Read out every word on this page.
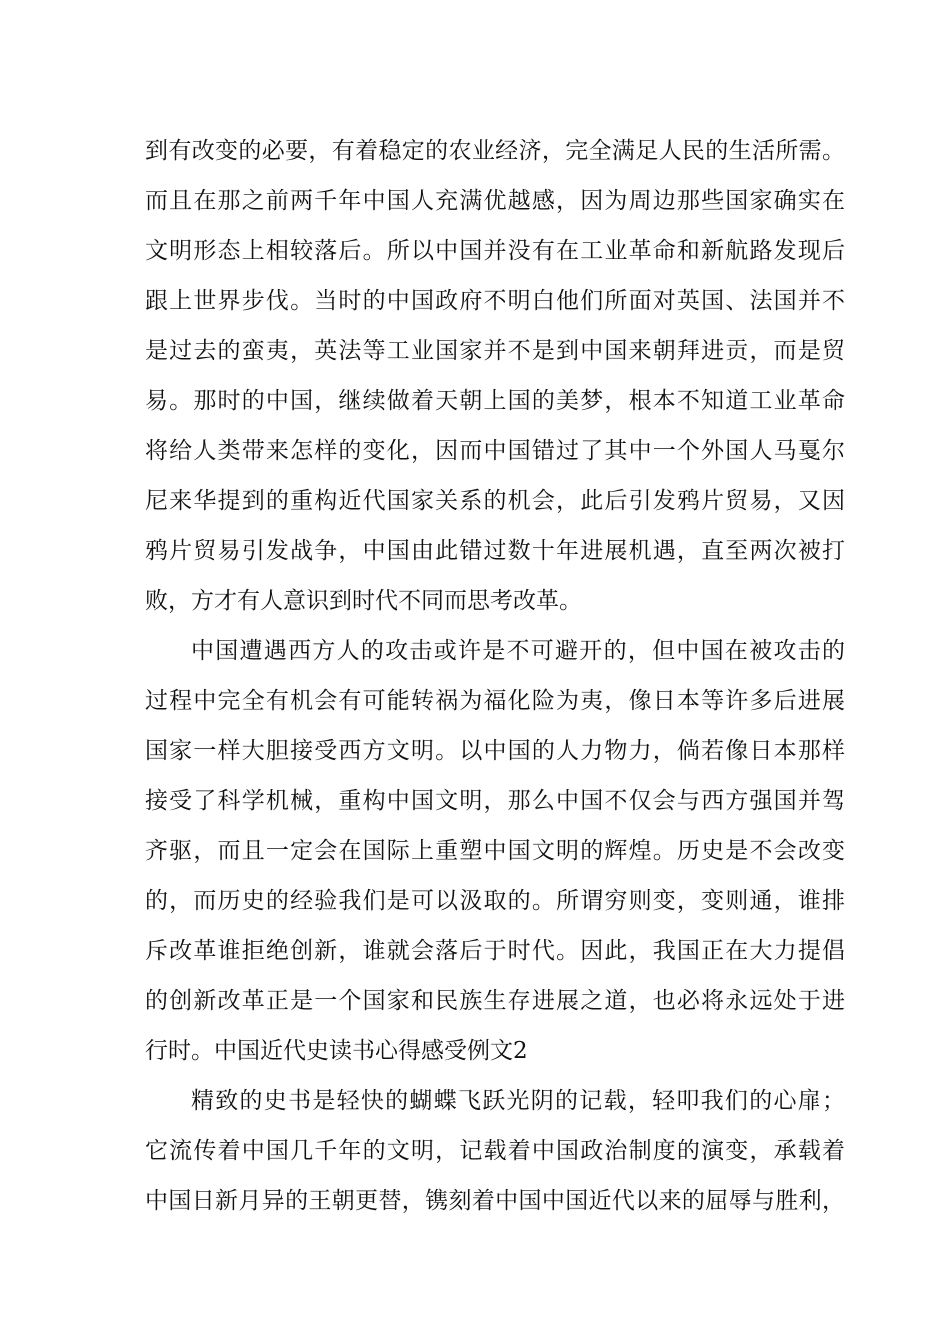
到有改变的必要，有着稳定的农业经济，完全满足人民的生活所需。
而且在那之前两千年中国人充满优越感，因为周边那些国家确实在
文明形态上相较落后。所以中国并没有在工业革命和新航路发现后
跟上世界步伐。当时的中国政府不明白他们所面对英国、法国并不
是过去的蛮夷，英法等工业国家并不是到中国来朝拜进贡，而是贸
易。那时的中国，继续做着天朝上国的美梦，根本不知道工业革命
将给人类带来怎样的变化，因而中国错过了其中一个外国人马戛尔
尼来华提到的重构近代国家关系的机会，此后引发鸦片贸易，又因
鸦片贸易引发战争，中国由此错过数十年进展机遇，直至两次被打
败，方才有人意识到时代不同而思考改革。
中国遭遇西方人的攻击或许是不可避开的，但中国在被攻击的
过程中完全有机会有可能转祸为福化险为夷，像日本等许多后进展
国家一样大胆接受西方文明。以中国的人力物力，倘若像日本那样
接受了科学机械，重构中国文明，那么中国不仅会与西方强国并驾
齐驱，而且一定会在国际上重塑中国文明的辉煌。历史是不会改变
的，而历史的经验我们是可以汲取的。所谓穷则变，变则通，谁排
斥改革谁拒绝创新，谁就会落后于时代。因此，我国正在大力提倡
的创新改革正是一个国家和民族生存进展之道，也必将永远处于进
行时。中国近代史读书心得感受例文2
精致的史书是轻快的蝴蝶飞跃光阴的记载，轻叩我们的心扉；
它流传着中国几千年的文明，记载着中国政治制度的演变，承载着
中国日新月异的王朝更替，镌刻着中国中国近代以来的屈辱与胜利，
